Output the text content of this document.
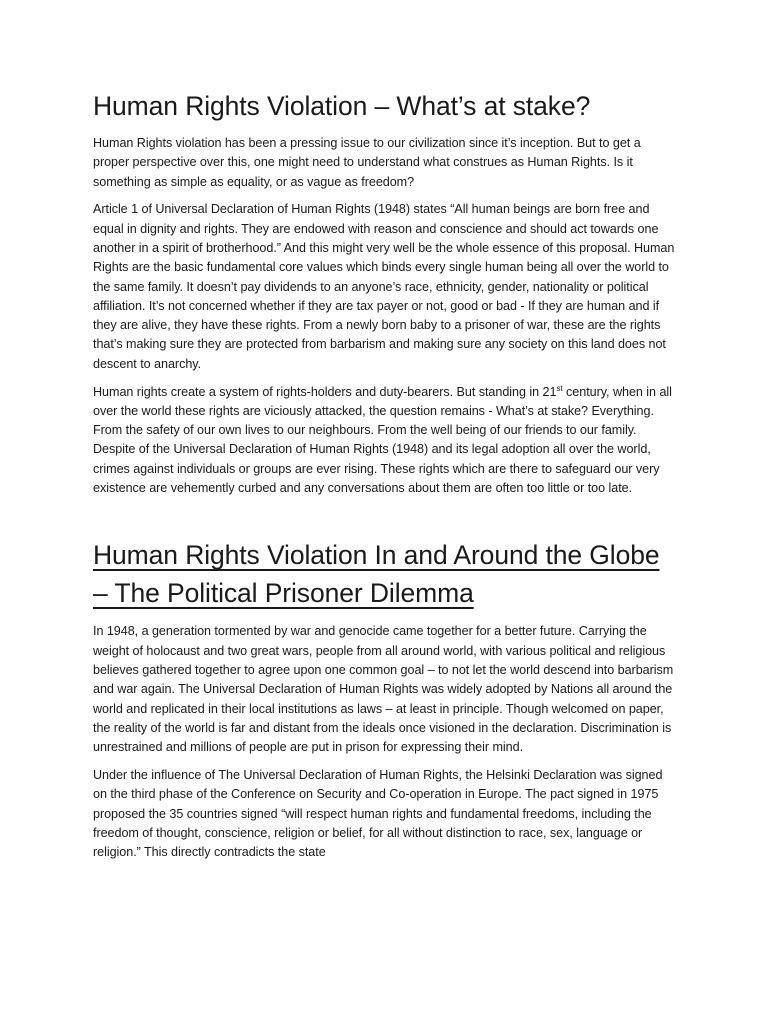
Human Rights Violation – What’s at stake?

Human Rights violation has been a pressing issue to our civilization since it’s inception. But to get a proper perspective over this, one might need to understand what construes as Human Rights. Is it something as simple as equality, or as vague as freedom?

Article 1 of Universal Declaration of Human Rights (1948) states “All human beings are born free and equal in dignity and rights. They are endowed with reason and conscience and should act towards one another in a spirit of brotherhood.” And this might very well be the whole essence of this proposal. Human Rights are the basic fundamental core values which binds every single human being all over the world to the same family. It doesn’t pay dividends to an anyone’s race, ethnicity, gender, nationality or political affiliation. It’s not concerned whether if they are tax payer or not, good or bad - If they are human and if they are alive, they have these rights. From a newly born baby to a prisoner of war, these are the rights that’s making sure they are protected from barbarism and making sure any society on this land does not descent to anarchy.

Human rights create a system of rights-holders and duty-bearers. But standing in 21st century, when in all over the world these rights are viciously attacked, the question remains - What’s at stake? Everything. From the safety of our own lives to our neighbours. From the well being of our friends to our family. Despite of the Universal Declaration of Human Rights (1948) and its legal adoption all over the world, crimes against individuals or groups are ever rising. These rights which are there to safeguard our very existence are vehemently curbed and any conversations about them are often too little or too late.

Human Rights Violation In and Around the Globe – The Political Prisoner Dilemma

In 1948, a generation tormented by war and genocide came together for a better future. Carrying the weight of holocaust and two great wars, people from all around world, with various political and religious believes gathered together to agree upon one common goal – to not let the world descend into barbarism and war again. The Universal Declaration of Human Rights was widely adopted by Nations all around the world and replicated in their local institutions as laws – at least in principle. Though welcomed on paper, the reality of the world is far and distant from the ideals once visioned in the declaration. Discrimination is unrestrained and millions of people are put in prison for expressing their mind.

Under the influence of The Universal Declaration of Human Rights, the Helsinki Declaration was signed on the third phase of the Conference on Security and Co-operation in Europe. The pact signed in 1975 proposed the 35 countries signed “will respect human rights and fundamental freedoms, including the freedom of thought, conscience, religion or belief, for all without distinction to race, sex, language or religion.” This directly contradicts the state
